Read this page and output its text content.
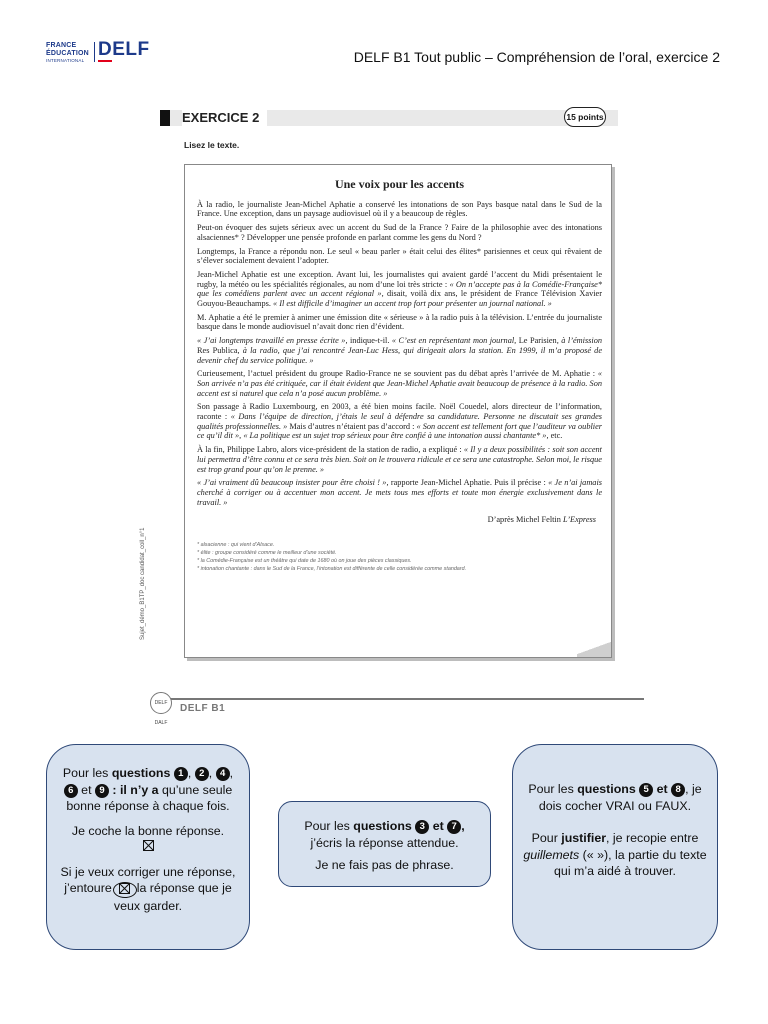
FRANCE
ÉDUCATION
INTERNATIONAL
DELF	DELF B1 Tout public – Compréhension de l’oral, exercice 2
EXERCICE 2	15 points
Lisez le texte.
Sujet_démo_B1TP_doc candidat_coll_n°1
Une voix pour les accents

À la radio, le journaliste Jean-Michel Aphatie a conservé les intonations de son Pays basque natal dans le Sud de la France. Une exception, dans un paysage audiovisuel où il y a beaucoup de règles.

Peut-on évoquer des sujets sérieux avec un accent du Sud de la France ? Faire de la philosophie avec des intonations alsaciennes* ? Développer une pensée profonde en parlant comme les gens du Nord ?

Longtemps, la France a répondu non. Le seul « beau parler » était celui des élites* parisiennes et ceux qui rêvaient de s’élever socialement devaient l’adopter.

Jean-Michel Aphatie est une exception. Avant lui, les journalistes qui avaient gardé l’accent du Midi présentaient le rugby, la météo ou les spécialités régionales, au nom d’une loi très stricte : « On n’accepte pas à la Comédie-Française* que les comédiens parlent avec un accent régional », disait, voilà dix ans, le président de France Télévision Xavier Gouyou-Beauchamps. « Il est difficile d’imaginer un accent trop fort pour présenter un journal national. »

M. Aphatie a été le premier à animer une émission dite « sérieuse » à la radio puis à la télévision. L’entrée du journaliste basque dans le monde audiovisuel n’avait donc rien d’évident.

« J’ai longtemps travaillé en presse écrite », indique-t-il. « C’est en représentant mon journal, Le Parisien, à l’émission Res Publica, à la radio, que j’ai rencontré Jean-Luc Hess, qui dirigeait alors la station. En 1999, il m’a proposé de devenir chef du service politique. »

Curieusement, l’actuel président du groupe Radio-France ne se souvient pas du débat après l’arrivée de M. Aphatie : « Son arrivée n’a pas été critiquée, car il était évident que Jean-Michel Aphatie avait beaucoup de présence à la radio. Son accent est si naturel que cela n’a posé aucun problème. »

Son passage à Radio Luxembourg, en 2003, a été bien moins facile. Noël Couedel, alors directeur de l’information, raconte : « Dans l’équipe de direction, j’étais le seul à défendre sa candidature. Personne ne discutait ses grandes qualités professionnelles. » Mais d’autres n’étaient pas d’accord : « Son accent est tellement fort que l’auditeur va oublier ce qu’il dit », « La politique est un sujet trop sérieux pour être confié à une intonation aussi chantante* », etc.

À la fin, Philippe Labro, alors vice-président de la station de radio, a expliqué : « Il y a deux possibilités : soit son accent lui permettra d’être connu et ce sera très bien. Soit on le trouvera ridicule et ce sera une catastrophe. Selon moi, le risque est trop grand pour qu’on le prenne. »

« J’ai vraiment dû beaucoup insister pour être choisi ! », rapporte Jean-Michel Aphatie. Puis il précise : « Je n’ai jamais cherché à corriger ou à accentuer mon accent. Je mets tous mes efforts et toute mon énergie exclusivement dans le travail. »

D’après Michel Feltin L’Express

* alsacienne : qui vient d’Alsace.
* élite : groupe considéré comme le meilleur d’une société.
* la Comédie-Française est un théâtre qui date de 1680 où on joue des pièces classiques.
* intonation chantante : dans le Sud de la France, l’intonation est différente de celle considérée comme standard.
DELF DALF
DELF B1

Pour les questions 1 , 2 , 4 , 6 et 9 : il n’y a qu’une seule bonne réponse à chaque fois.

Je coche la bonne réponse.

Si je veux corriger une réponse, j’entoure la réponse que je veux garder.

Pour les questions 3 et 7 , j’écris la réponse attendue.

Je ne fais pas de phrase.

Pour les questions 5 et 8 , je dois cocher VRAI ou FAUX.

Pour justifier, je recopie entre guillemets (« »), la partie du texte qui m’a aidé à trouver.
